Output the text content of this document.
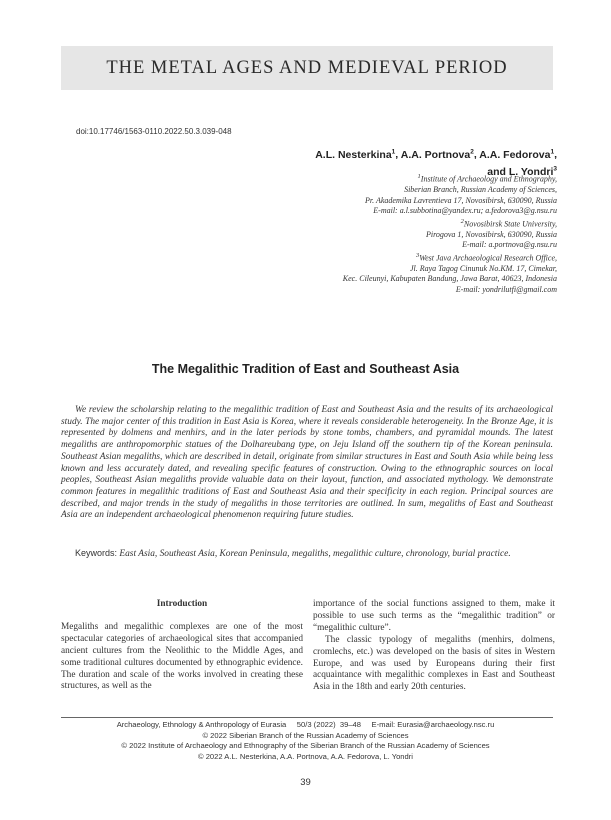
THE METAL AGES AND MEDIEVAL PERIOD
doi:10.17746/1563-0110.2022.50.3.039-048
A.L. Nesterkina$^1$, A.A. Portnova$^2$, A.A. Fedorova$^1$,
and L. Yondri$^3$
$^1$Institute of Archaeology and Ethnography,
Siberian Branch, Russian Academy of Sciences,
Pr. Akademika Lavrentieva 17, Novosibirsk, 630090, Russia
E-mail: a.l.subbotina@yandex.ru; a.fedorova3@g.nsu.ru
$^2$Novosibirsk State University,
Pirogova 1, Novosibirsk, 630090, Russia
E-mail: a.portnova@g.nsu.ru
$^3$West Java Archaeological Research Office,
Jl. Raya Tagog Cinunuk No.KM. 17, Cimekar,
Kec. Cileunyi, Kabupaten Bandung, Jawa Barat, 40623, Indonesia
E-mail: yondrilutfi@gmail.com
The Megalithic Tradition of East and Southeast Asia

We review the scholarship relating to the megalithic tradition of East and Southeast Asia and the results of its archaeological study. The major center of this tradition in East Asia is Korea, where it reveals considerable heterogeneity. In the Bronze Age, it is represented by dolmens and menhirs, and in the later periods by stone tombs, chambers, and pyramidal mounds. The latest megaliths are anthropomorphic statues of the Dolhareubang type, on Jeju Island off the southern tip of the Korean peninsula. Southeast Asian megaliths, which are described in detail, originate from similar structures in East and South Asia while being less known and less accurately dated, and revealing specific features of construction. Owing to the ethnographic sources on local peoples, Southeast Asian megaliths provide valuable data on their layout, function, and associated mythology. We demonstrate common features in megalithic traditions of East and Southeast Asia and their specificity in each region. Principal sources are described, and major trends in the study of megaliths in those territories are outlined. In sum, megaliths of East and Southeast Asia are an independent archaeological phenomenon requiring future studies.

Keywords: East Asia, Southeast Asia, Korean Peninsula, megaliths, megalithic culture, chronology, burial practice.

Introduction

Megaliths and megalithic complexes are one of the most spectacular categories of archaeological sites that accompanied ancient cultures from the Neolithic to the Middle Ages, and some traditional cultures documented by ethnographic evidence. The duration and scale of the works involved in creating these structures, as well as the

importance of the social functions assigned to them, make it possible to use such terms as the “megalithic tradition” or “megalithic culture”.

The classic typology of megaliths (menhirs, dolmens, cromlechs, etc.) was developed on the basis of sites in Western Europe, and was used by Europeans during their first acquaintance with megalithic complexes in East and Southeast Asia in the 18th and early 20th centuries.

Archaeology, Ethnology & Anthropology of Eurasia     50/3 (2022)  39–48     E-mail: Eurasia@archaeology.nsc.ru
© 2022 Siberian Branch of the Russian Academy of Sciences
© 2022 Institute of Archaeology and Ethnography of the Siberian Branch of the Russian Academy of Sciences
© 2022 A.L. Nesterkina, A.A. Portnova, A.A. Fedorova, L. Yondri
39
